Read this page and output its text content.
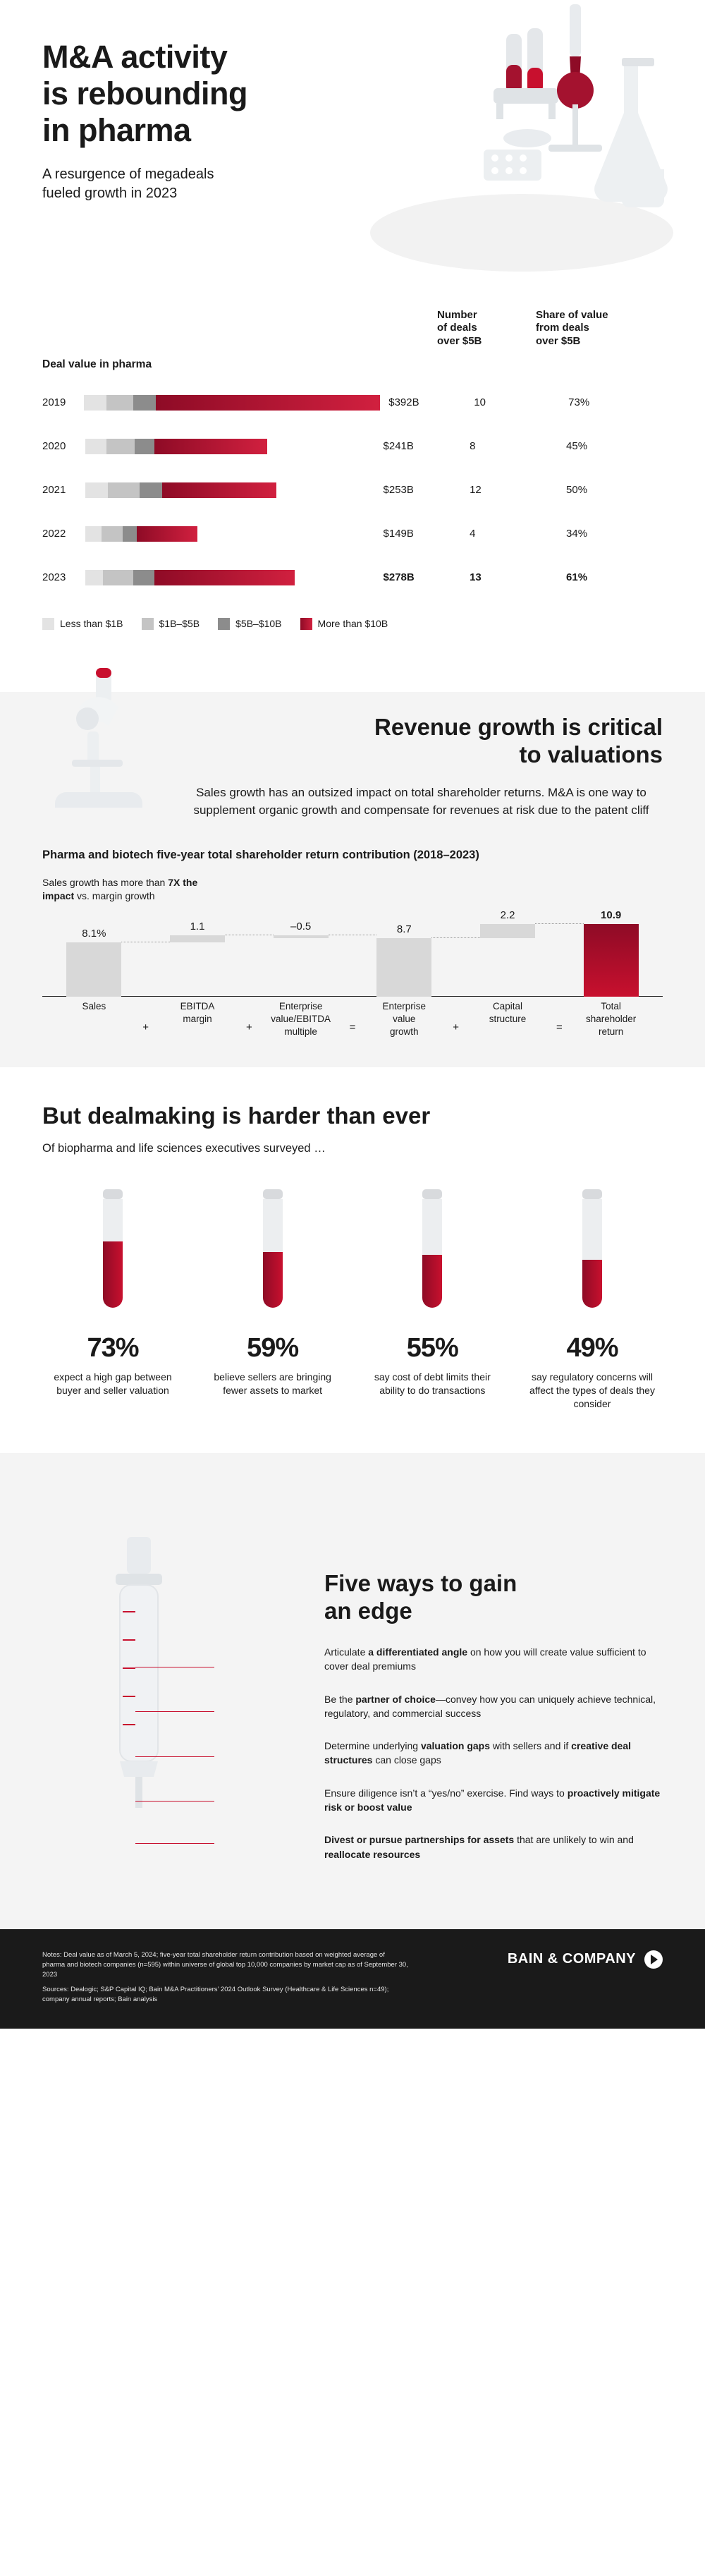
M&A activity
is rebounding
in pharma
A resurgence of megadeals
fueled growth in 2023
Number
of deals
over $5B
Share of value
from deals
over $5B
Deal value in pharma
2019	$392B	10	73%
2020	$241B	8	45%
2021	$253B	12	50%
2022	$149B	4	34%
2023	$278B	13	61%
Less than $1B	$1B–$5B	$5B–$10B	More than $10B
Revenue growth is critical
to valuations
Sales growth has an outsized impact on total shareholder returns. M&A is one way to supplement organic growth and compensate for revenues at risk due to the patent cliff
Pharma and biotech five-year total shareholder return contribution (2018–2023)
Sales growth has more than 7X the impact vs. margin growth
8.1%
1.1	–0.5	8.7
2.2	10.9
Sales	EBITDA
margin
Enterprise
value/EBITDA
multiple
Enterprise
value
growth
Capital
structure
Total
shareholder
return
+	+	=	+	=
But dealmaking is harder than ever
Of biopharma and life sciences executives surveyed …
73%
expect a high gap between buyer and seller valuation
59%
believe sellers are bringing fewer assets to market
55%
say cost of debt limits their ability to do transactions
49%
say regulatory concerns will affect the types of deals they consider
Five ways to gain
an edge
Articulate a differentiated angle on how you will create value sufficient to cover deal premiums
Be the partner of choice—convey how you can uniquely achieve technical, regulatory, and commercial success
Determine underlying valuation gaps with sellers and if creative deal structures can close gaps
Ensure diligence isn’t a “yes/no” exercise. Find ways to proactively mitigate risk or boost value
Divest or pursue partnerships for assets that are unlikely to win and reallocate resources
Notes: Deal value as of March 5, 2024; five-year total shareholder return contribution based on weighted average of pharma and biotech companies (n=595) within universe of global top 10,000 companies by market cap as of September 30, 2023
Sources: Dealogic; S&P Capital IQ; Bain M&A Practitioners’ 2024 Outlook Survey (Healthcare & Life Sciences n=49); company annual reports; Bain analysis
BAIN & COMPANY
